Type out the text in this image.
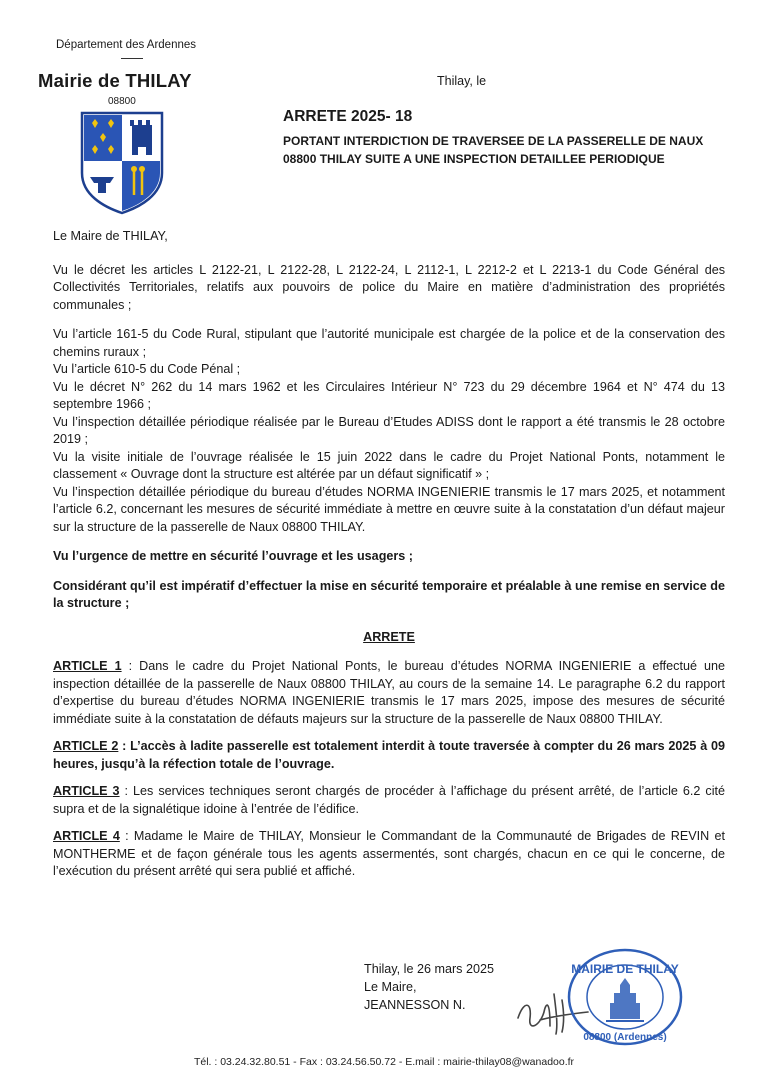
Département des Ardennes
Mairie de THILAY
08800
Thilay, le
ARRETE 2025- 18
PORTANT INTERDICTION DE TRAVERSEE DE LA PASSERELLE DE NAUX 08800 THILAY SUITE A UNE INSPECTION DETAILLEE PERIODIQUE

Le Maire de THILAY,

Vu le décret les articles L 2122-21, L 2122-28, L 2122-24, L 2112-1, L 2212-2 et L 2213-1 du Code Général des Collectivités Territoriales, relatifs aux pouvoirs de police du Maire en matière d’administration des propriétés communales ;

Vu l’article 161-5 du Code Rural, stipulant que l’autorité municipale est chargée de la police et de la conservation des chemins ruraux ;

Vu l’article 610-5 du Code Pénal ;

Vu le décret N° 262 du 14 mars 1962 et les Circulaires Intérieur N° 723 du 29 décembre 1964 et N° 474 du 13 septembre 1966 ;

Vu l’inspection détaillée périodique réalisée par le Bureau d’Etudes ADISS dont le rapport a été transmis le 28 octobre 2019 ;

Vu la visite initiale de l’ouvrage réalisée le 15 juin 2022 dans le cadre du Projet National Ponts, notamment le classement « Ouvrage dont la structure est altérée par un défaut significatif » ;

Vu l’inspection détaillée périodique du bureau d’études NORMA INGENIERIE transmis le 17 mars 2025, et notamment l’article 6.2, concernant les mesures de sécurité immédiate à mettre en œuvre suite à la constatation d’un défaut majeur sur la structure de la passerelle de Naux 08800 THILAY.

Vu l’urgence de mettre en sécurité l’ouvrage et les usagers ;

Considérant qu’il est impératif d’effectuer la mise en sécurité temporaire et préalable à une remise en service de la structure ;

ARRETE

ARTICLE 1 : Dans le cadre du Projet National Ponts, le bureau d’études NORMA INGENIERIE a effectué une inspection détaillée de la passerelle de Naux 08800 THILAY, au cours de la semaine 14. Le paragraphe 6.2 du rapport d’expertise du bureau d’études NORMA INGENIERIE transmis le 17 mars 2025, impose des mesures de sécurité immédiate suite à la constatation de défauts majeurs sur la structure de la passerelle de Naux 08800 THILAY.

ARTICLE 2 : L’accès à ladite passerelle est totalement interdit à toute traversée à compter du 26 mars 2025 à 09 heures, jusqu’à la réfection totale de l’ouvrage.

ARTICLE 3 : Les services techniques seront chargés de procéder à l’affichage du présent arrêté, de l’article 6.2 cité supra et de la signalétique idoine à l’entrée de l’édifice.

ARTICLE 4 : Madame le Maire de THILAY, Monsieur le Commandant de la Communauté de Brigades de REVIN et MONTHERME et de façon générale tous les agents assermentés, sont chargés, chacun en ce qui le concerne, de l’exécution du présent arrêté qui sera publié et affiché.

Thilay, le 26 mars 2025
Le Maire,
JEANNESSON N.
MAIRIE DE THILAY
08800 (Ardennes)
Tél. : 03.24.32.80.51 - Fax : 03.24.56.50.72 - E.mail : mairie-thilay08@wanadoo.fr
